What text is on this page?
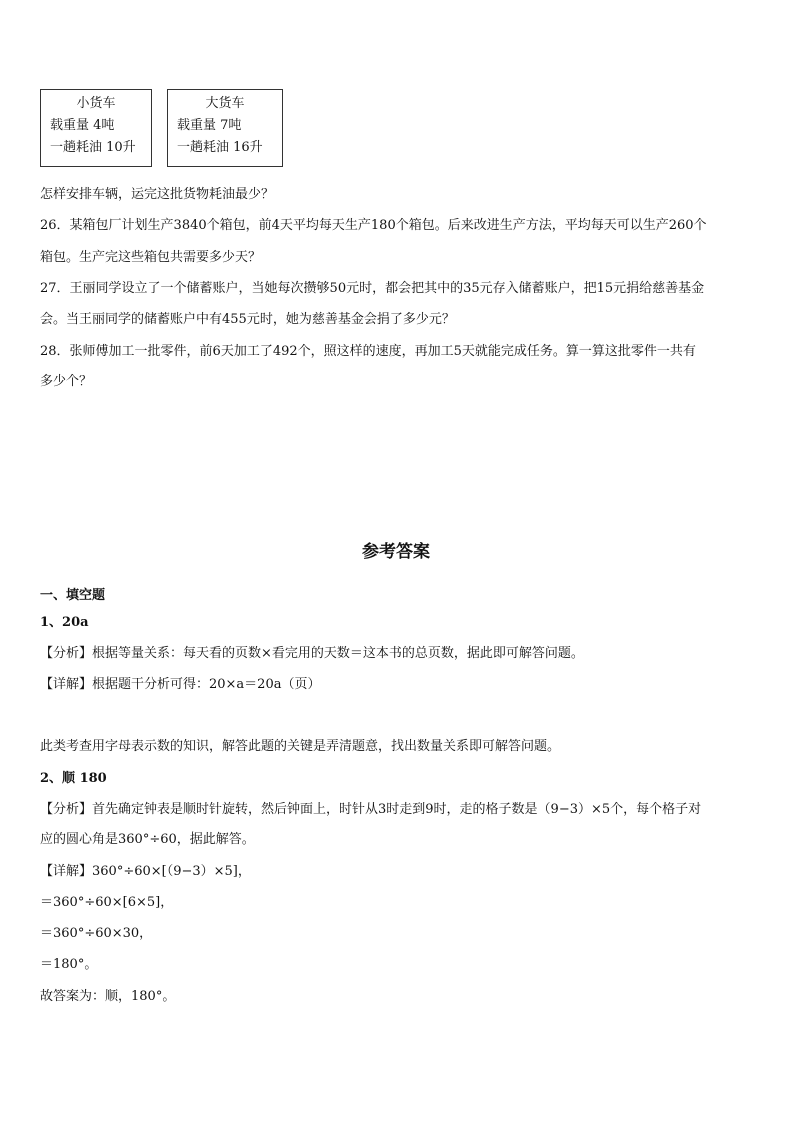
小货车
载重量 4吨
一趟耗油 10升
大货车
载重量 7吨
一趟耗油 16升
怎样安排车辆，运完这批货物耗油最少？
26．某箱包厂计划生产3840个箱包，前4天平均每天生产180个箱包。后来改进生产方法，平均每天可以生产260个
箱包。生产完这些箱包共需要多少天？
27．王丽同学设立了一个储蓄账户，当她每次攒够50元时，都会把其中的35元存入储蓄账户，把15元捐给慈善基金
会。当王丽同学的储蓄账户中有455元时，她为慈善基金会捐了多少元？
28．张师傅加工一批零件，前6天加工了492个，照这样的速度，再加工5天就能完成任务。算一算这批零件一共有
多少个？
参考答案
一、填空题
1、20a
【分析】根据等量关系：每天看的页数×看完用的天数＝这本书的总页数，据此即可解答问题。
【详解】根据题干分析可得：20×a＝20a（页）
此类考查用字母表示数的知识，解答此题的关键是弄清题意，找出数量关系即可解答问题。
2、顺 180
【分析】首先确定钟表是顺时针旋转，然后钟面上，时针从3时走到9时，走的格子数是（9−3）×5个，每个格子对
应的圆心角是360°÷60，据此解答。
【详解】360°÷60×[（9−3）×5]，
＝360°÷60×[6×5]，
＝360°÷60×30，
＝180°。
故答案为：顺，180°。
